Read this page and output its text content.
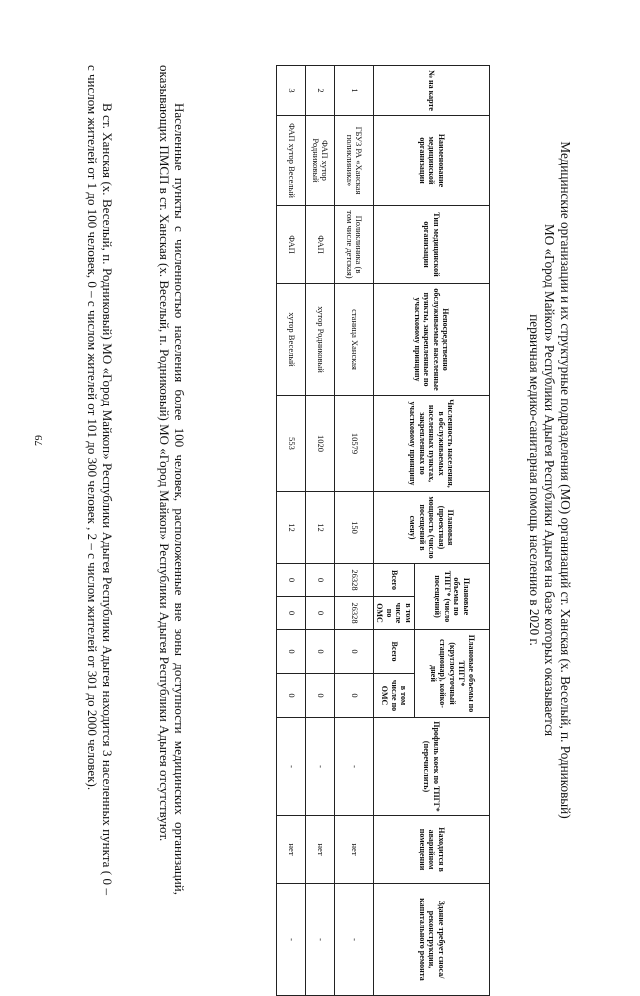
79	Медицинские организации и их структурные подразделения (МО) организаций ст. Ханская (х. Веселый, п. Родниковый)
МО «Город Майкоп» Республики Адыгея Республики Адыгея на базе которых оказывается
первичная медико-санитарная помощь населению в 2020 г.
№ на карте	Наименование медицинской организации	Тип медицинской организации	Непосредственно обслуживаемые населенные пункты, закрепленные по участковому принципу	Численность населения, в обслуживаемых населенных пунктах, закрепленных по участковому принципу	Плановая (проектная) мощность (число посещений в смену)	Плановые объемы по ТПГГ* (число посещений)		Плановые объемы по ТПГГ* (круглосуточный стационар), койко-дней		Профиль коек по ТПГГ* (перечислить)	Находится в аварийном помещении	Здание требует сноса/ реконструкции, капитального ремонта
						Всего	в том числе по ОМС	Всего	в том числе по ОМС			
1	ГБУЗ РА «Ханская поликлиника»	Поликлиника (в том числе детская)	станица Ханская	10579	150	26328	26328	0	0	-	нет	-
2	ФАП хутор Родниковый	ФАП	хутор Родниковый	1020	12	0	0	0	0	-	нет	-
3	ФАП хутор Веселый	ФАП	хутор Веселый	553	12	0	0	0	0	-	нет	-
Населенные пункты с численностью населения более 100 человек, расположенные вне зоны доступности медицинских организаций, оказывающих ПМСП в ст. Ханская (х. Веселый, п. Родниковый) МО «Город Майкоп» Республики Адыгея Республики Адыгея отсутствуют.
В ст. Ханская (х. Веселый, п. Родниковый) МО «Город Майкоп» Республики Адыгея Республики Адыгея находится 3 населенных пункта ( 0 – с числом жителей от 1 до 100 человек, 0 – с числом жителей от 101 до 300 человек , 2 – с числом жителей от 301 до 2000 человек).
